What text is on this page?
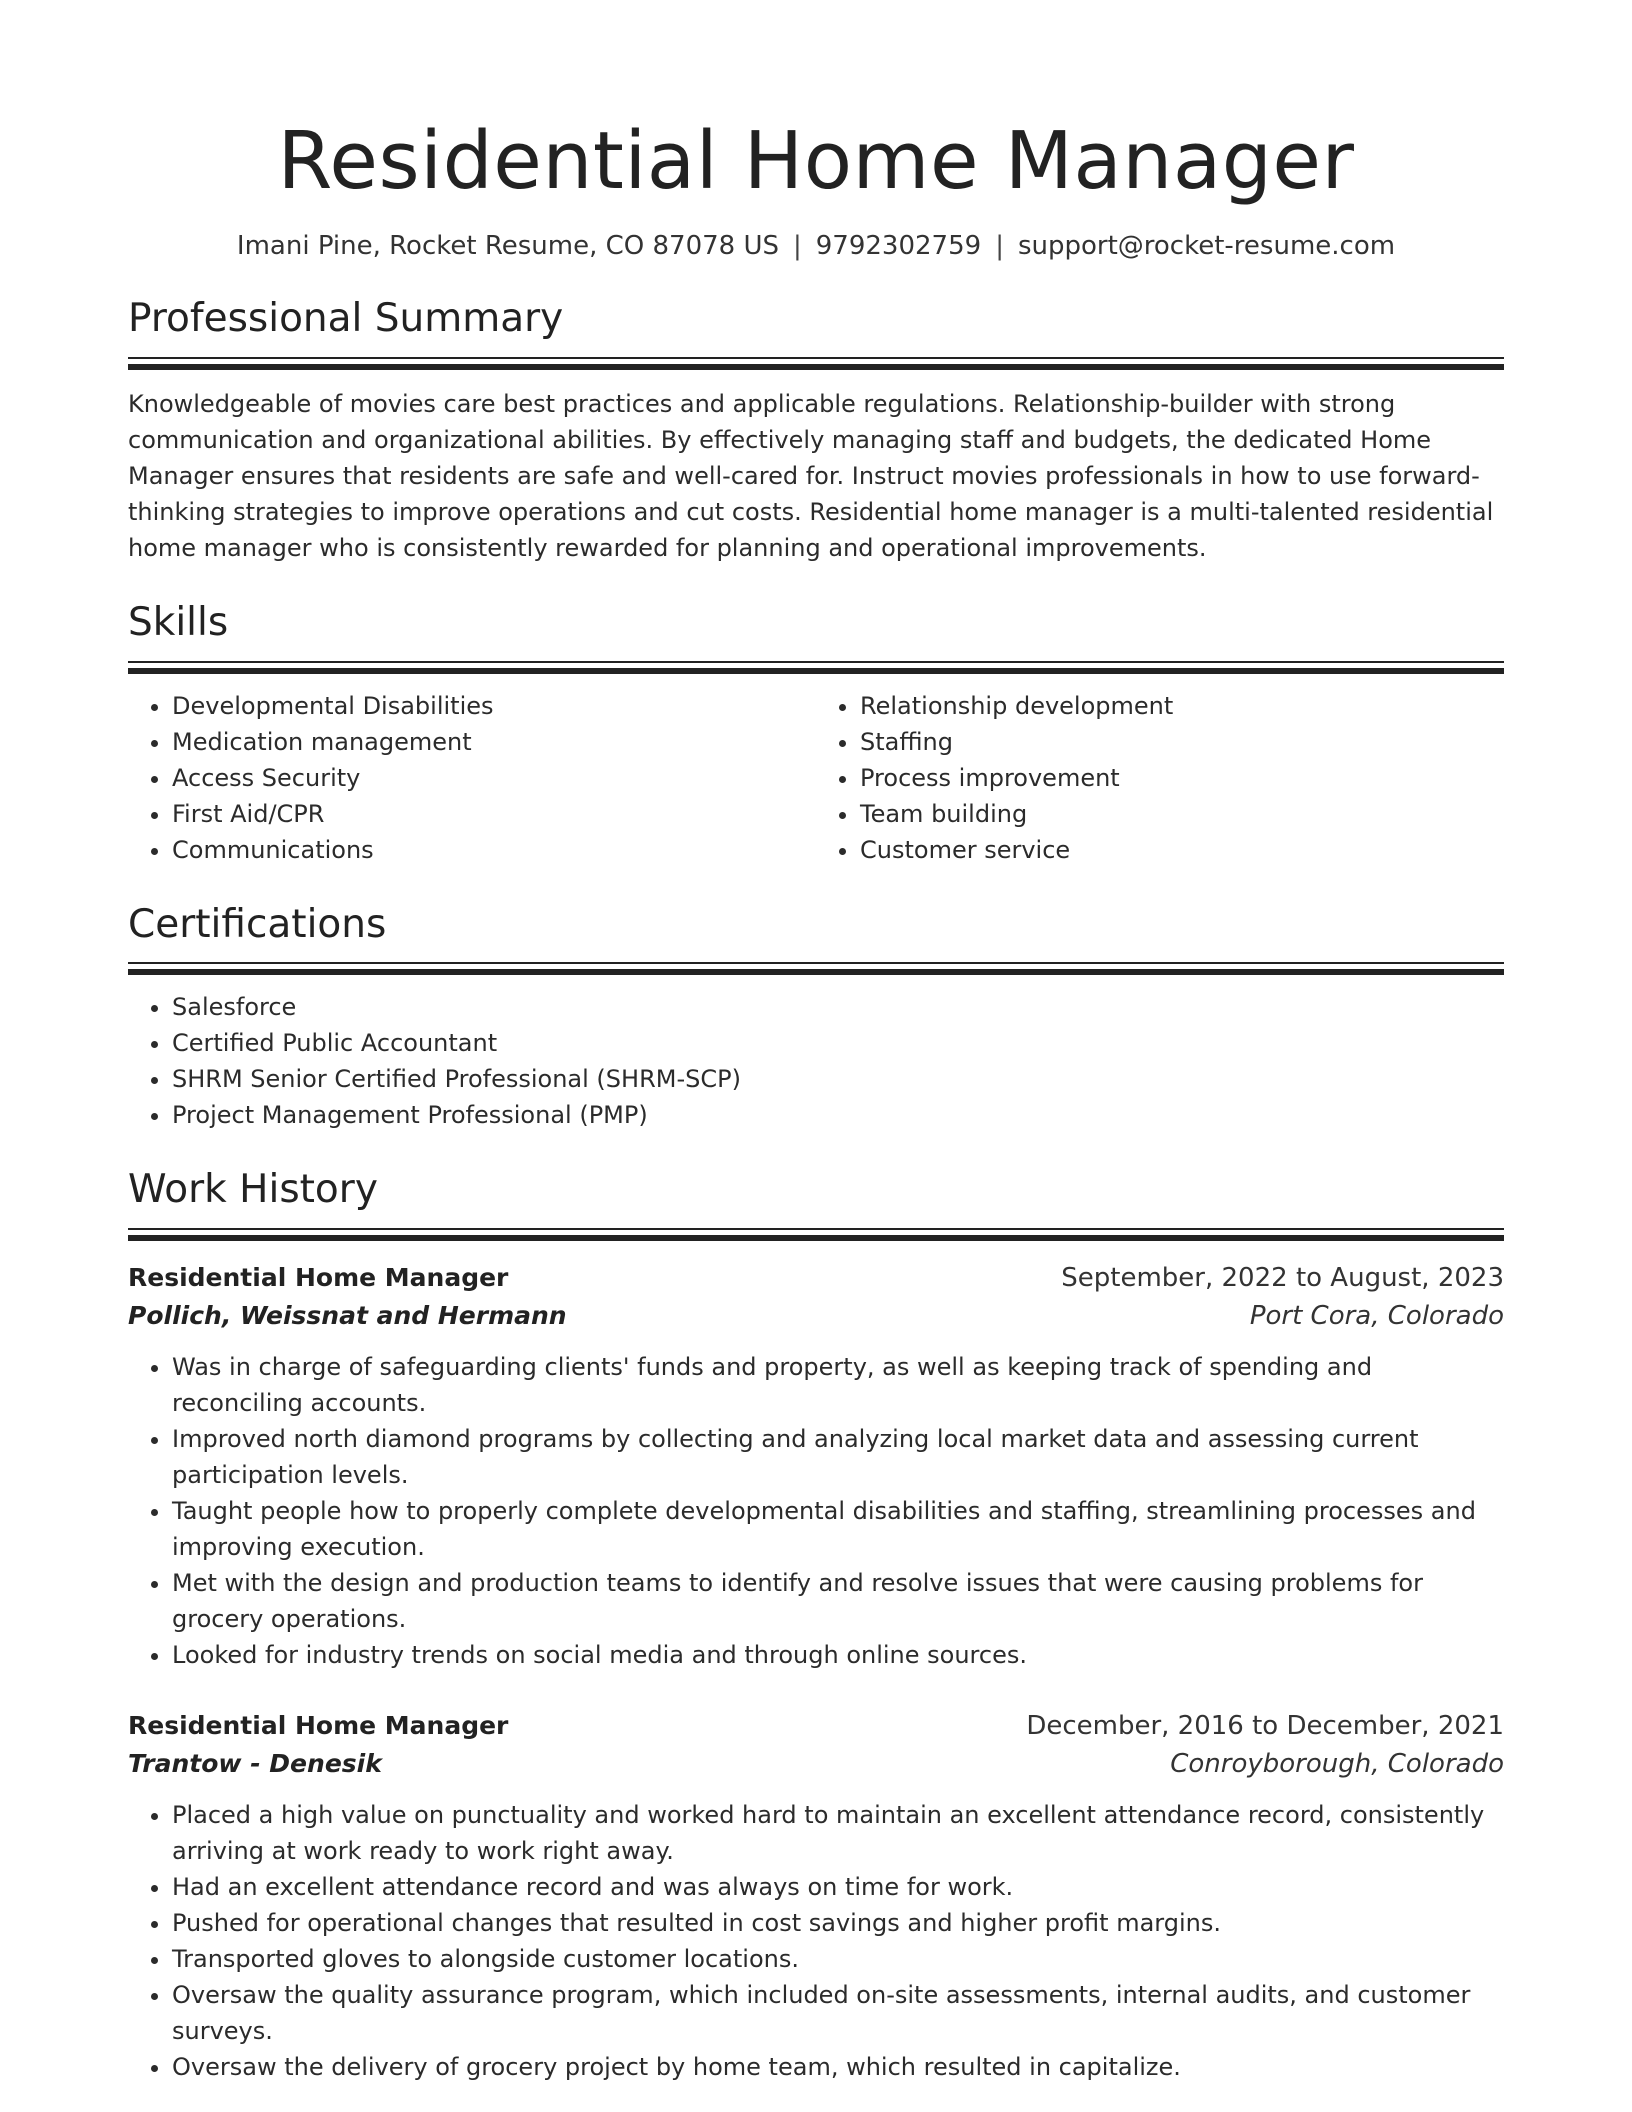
Residential Home Manager
Imani Pine, Rocket Resume, CO 87078 US | 9792302759 | support@rocket-resume.com
Professional Summary

Knowledgeable of movies care best practices and applicable regulations. Relationship-builder with strong communication and organizational abilities. By effectively managing staff and budgets, the dedicated Home Manager ensures that residents are safe and well-cared for. Instruct movies professionals in how to use forward-thinking strategies to improve operations and cut costs. Residential home manager is a multi-talented residential home manager who is consistently rewarded for planning and operational improvements.

Skills
• Developmental Disabilities
• Medication management
• Access Security
• First Aid/CPR
• Communications
• Relationship development
• Staffing
• Process improvement
• Team building
• Customer service
Certifications
• Salesforce
• Certified Public Accountant
• SHRM Senior Certified Professional (SHRM-SCP)
• Project Management Professional (PMP)
Work History
Residential Home Manager	September, 2022 to August, 2023
Pollich, Weissnat and Hermann	Port Cora, Colorado
• Was in charge of safeguarding clients' funds and property, as well as keeping track of spending and reconciling accounts.
• Improved north diamond programs by collecting and analyzing local market data and assessing current participation levels.
• Taught people how to properly complete developmental disabilities and staffing, streamlining processes and improving execution.
• Met with the design and production teams to identify and resolve issues that were causing problems for grocery operations.
• Looked for industry trends on social media and through online sources.
Residential Home Manager	December, 2016 to December, 2021
Trantow - Denesik	Conroyborough, Colorado
• Placed a high value on punctuality and worked hard to maintain an excellent attendance record, consistently arriving at work ready to work right away.
• Had an excellent attendance record and was always on time for work.
• Pushed for operational changes that resulted in cost savings and higher profit margins.
• Transported gloves to alongside customer locations.
• Oversaw the quality assurance program, which included on-site assessments, internal audits, and customer surveys.
• Oversaw the delivery of grocery project by home team, which resulted in capitalize.
